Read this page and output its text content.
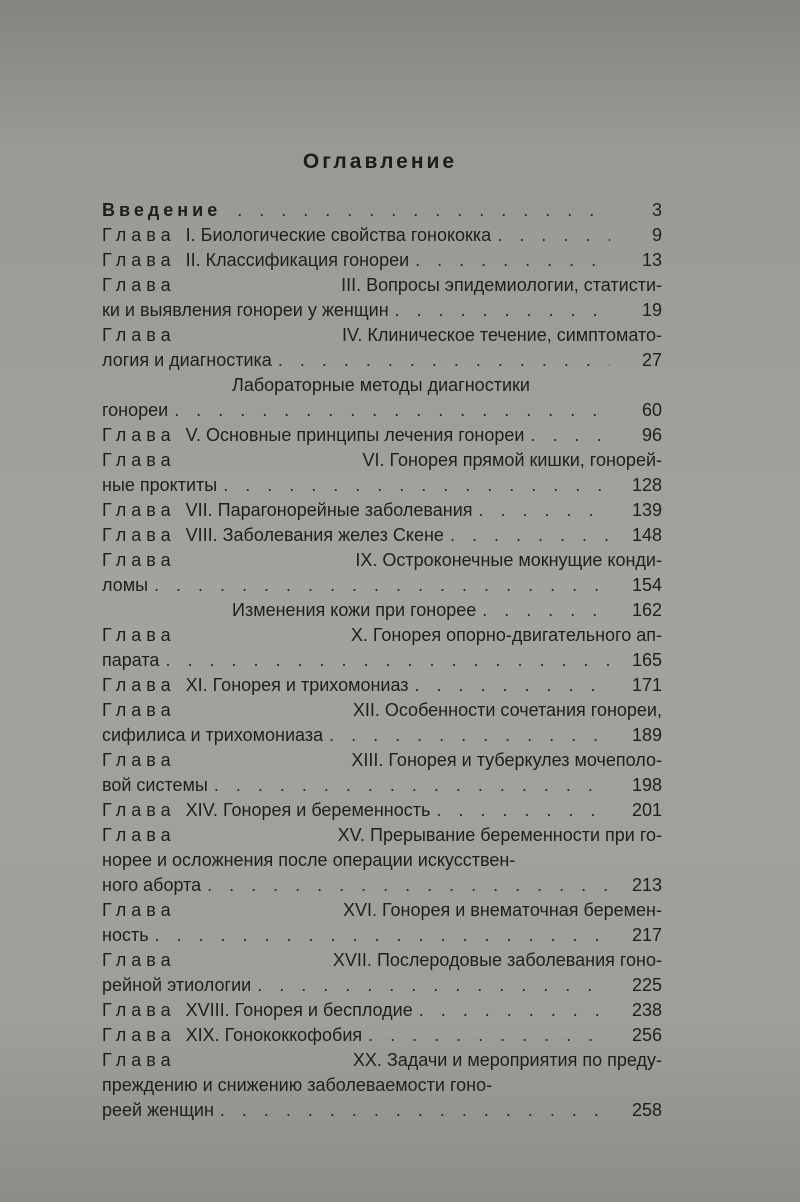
Оглавление
Введение . . .	3
Глава I. Биологические свойства гонококка . . .	9
Глава II. Классификация гонореи . . .	13
Глава	III. Вопросы эпидемиологии, статисти-
ки и выявления гонореи у женщин . . .	19
Глава	IV. Клиническое течение, симптомато-
логия и диагностика . . .	27
Лабораторные методы диагностики
гонореи . . .	60
Глава V. Основные принципы лечения гонореи . . .	96
Глава	VI. Гонорея прямой кишки, гонорей-
ные проктиты . . .	128
Глава VII. Парагонорейные заболевания . . .	139
Глава VIII. Заболевания желез Скене . . .	148
Глава	IX. Остроконечные мокнущие конди-
ломы . . .	154
Изменения кожи при гонорее . . .	162
Глава	X. Гонорея опорно-двигательного ап-
парата . . .	165
Глава XI. Гонорея и трихомониаз . . .	171
Глава	XII. Особенности сочетания гонореи,
сифилиса и трихомониаза . . .	189
Глава	XIII. Гонорея и туберкулез мочеполо-
вой системы . . .	198
Глава XIV. Гонорея и беременность . . .	201
Глава	XV. Прерывание беременности при го-
норее и осложнения после операции искусствен-
ного аборта . . .	213
Глава	XVI. Гонорея и внематочная беремен-
ность . . .	217
Глава	XVII. Послеродовые заболевания гоно-
рейной этиологии . . .	225
Глава XVIII. Гонорея и бесплодие . . .	238
Глава XIX. Гонококкофобия . . .	256
Глава	XX. Задачи и мероприятия по преду-
преждению и снижению заболеваемости гоно-
реей женщин . . .	258
